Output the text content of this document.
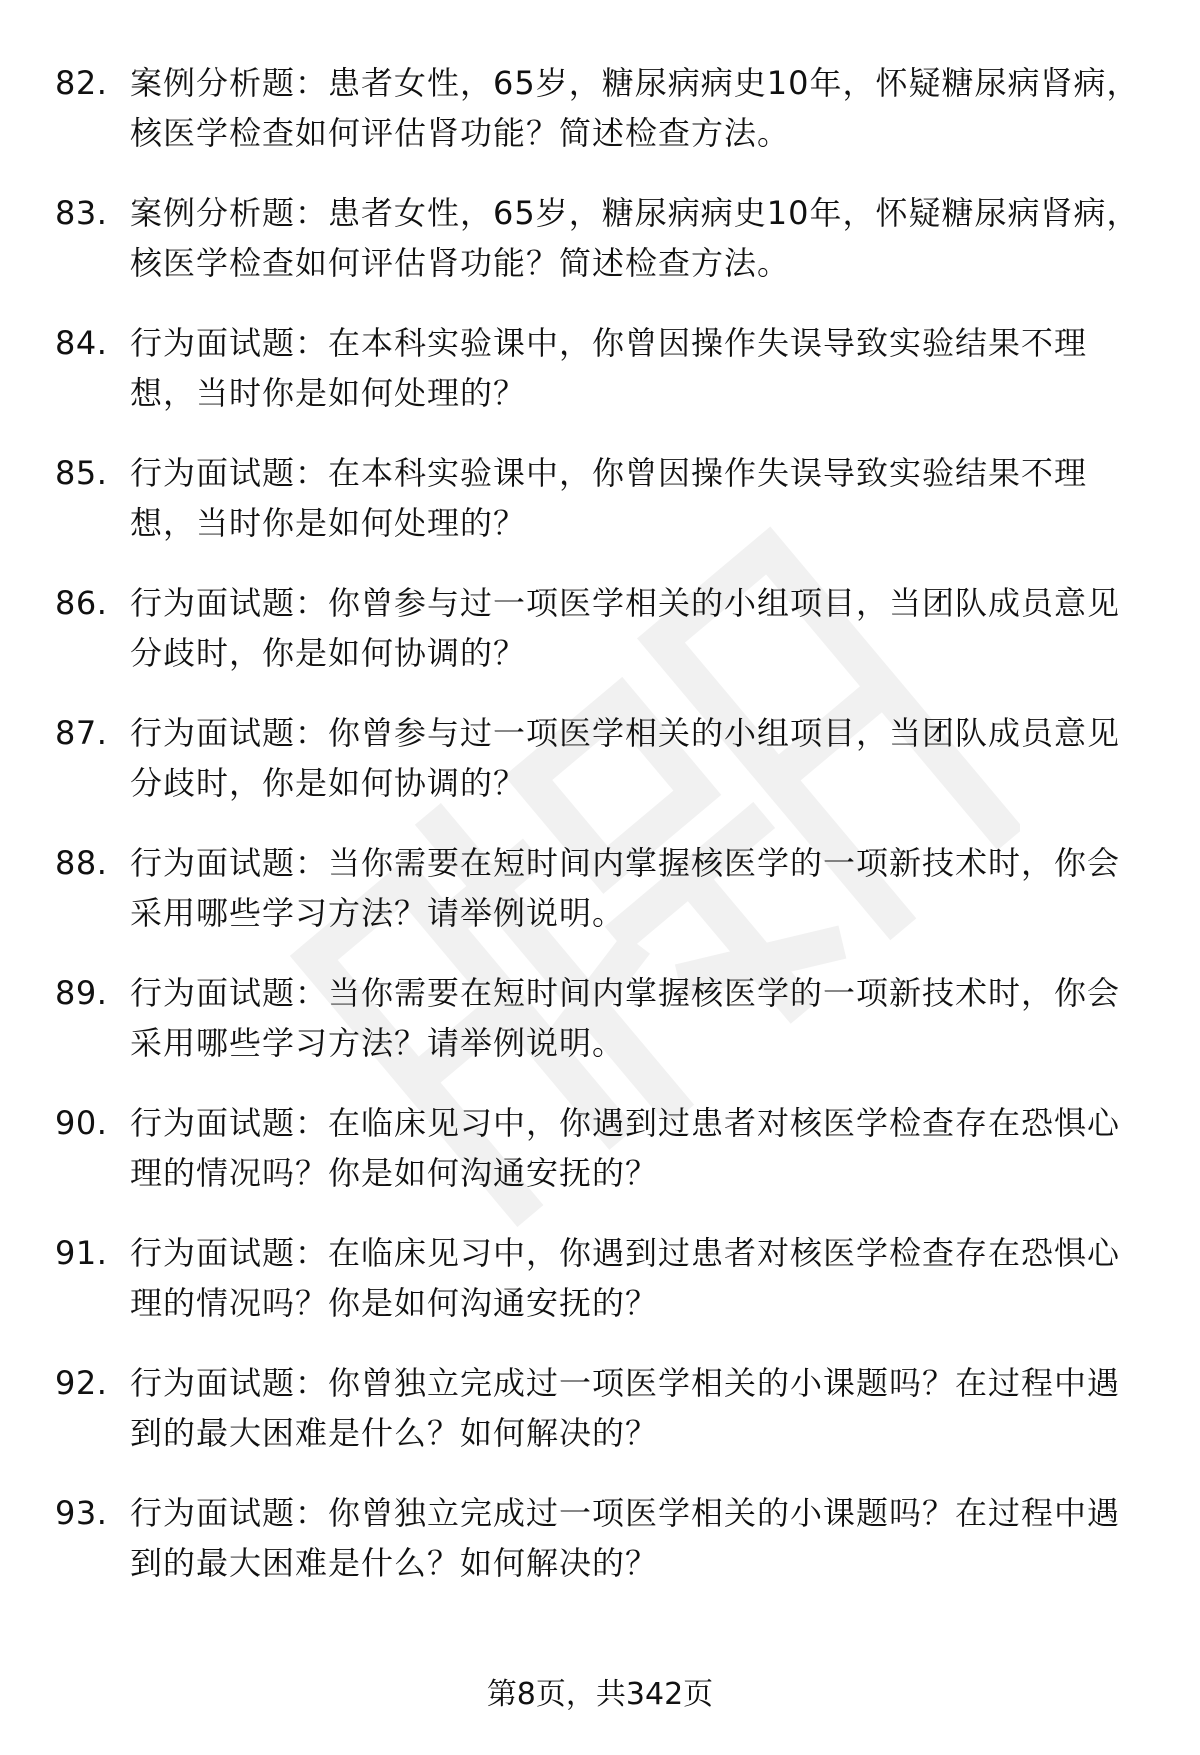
82. 案例分析题：患者女性，65岁，糖尿病病史10年，怀疑糖尿病肾病，核医学检查如何评估肾功能？简述检查方法。
83. 案例分析题：患者女性，65岁，糖尿病病史10年，怀疑糖尿病肾病，核医学检查如何评估肾功能？简述检查方法。
84. 行为面试题：在本科实验课中，你曾因操作失误导致实验结果不理想，当时你是如何处理的？
85. 行为面试题：在本科实验课中，你曾因操作失误导致实验结果不理想，当时你是如何处理的？
86. 行为面试题：你曾参与过一项医学相关的小组项目，当团队成员意见分歧时，你是如何协调的？
87. 行为面试题：你曾参与过一项医学相关的小组项目，当团队成员意见分歧时，你是如何协调的？
88. 行为面试题：当你需要在短时间内掌握核医学的一项新技术时，你会采用哪些学习方法？请举例说明。
89. 行为面试题：当你需要在短时间内掌握核医学的一项新技术时，你会采用哪些学习方法？请举例说明。
90. 行为面试题：在临床见习中，你遇到过患者对核医学检查存在恐惧心理的情况吗？你是如何沟通安抚的？
91. 行为面试题：在临床见习中，你遇到过患者对核医学检查存在恐惧心理的情况吗？你是如何沟通安抚的？
92. 行为面试题：你曾独立完成过一项医学相关的小课题吗？在过程中遇到的最大困难是什么？如何解决的？
93. 行为面试题：你曾独立完成过一项医学相关的小课题吗？在过程中遇到的最大困难是什么？如何解决的？
第8页，共342页
